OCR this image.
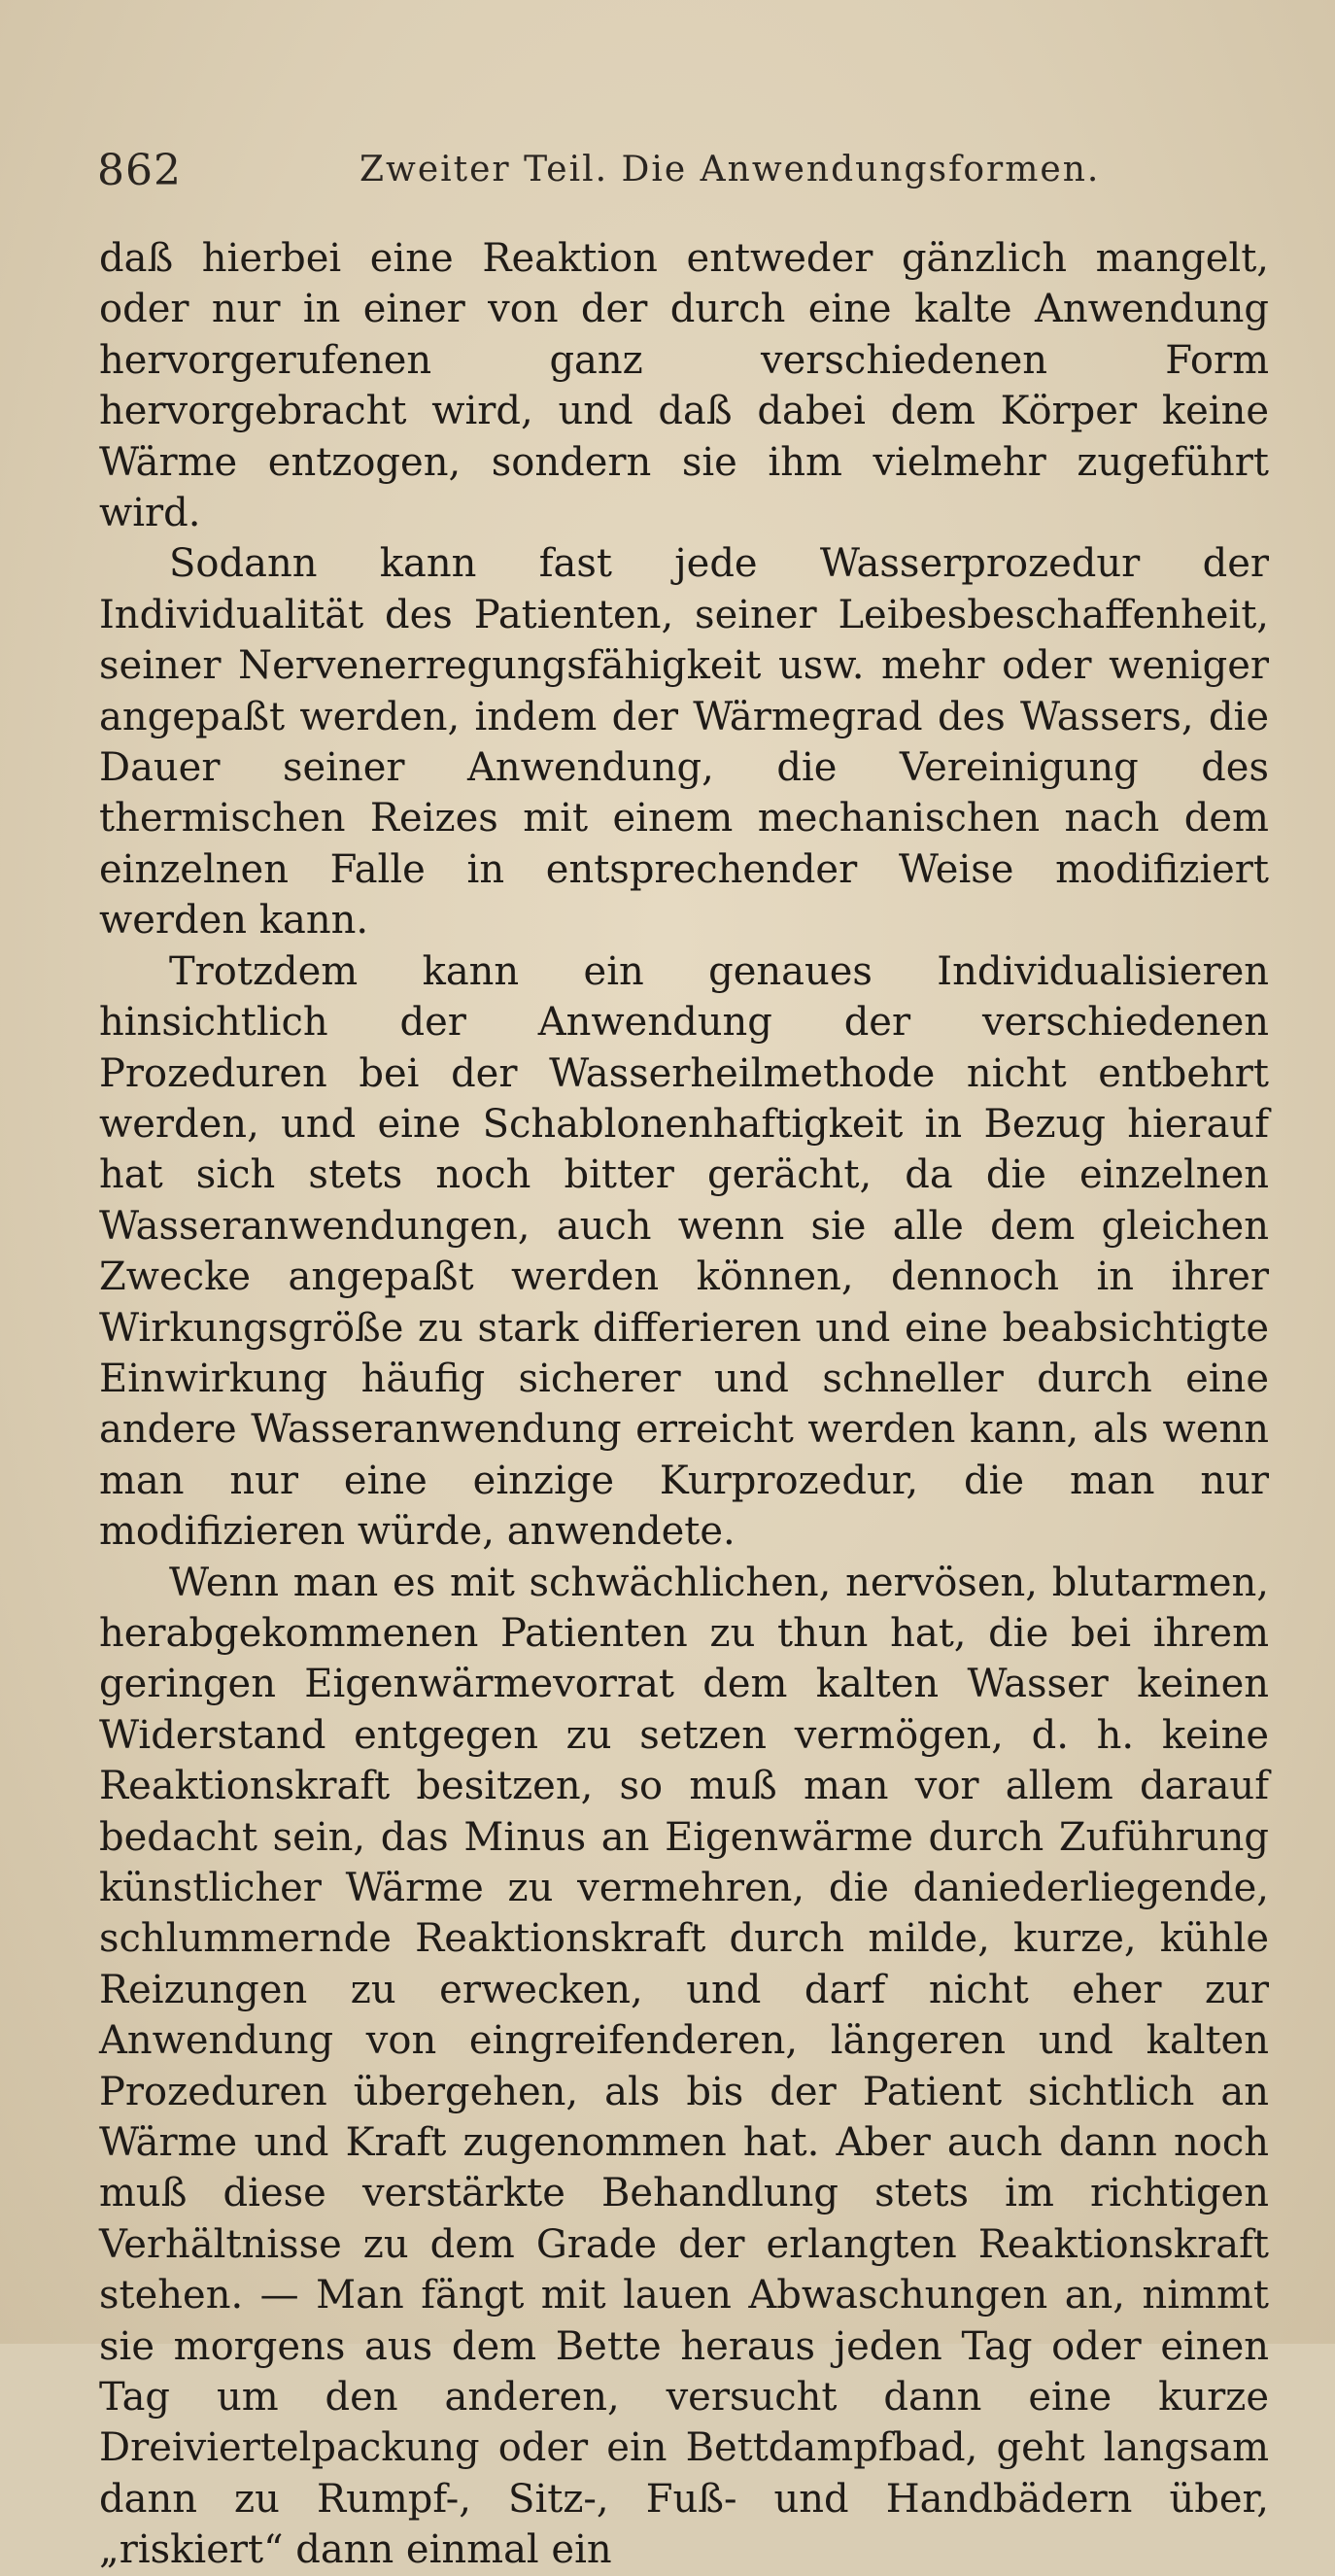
862	Zweiter Teil. Die Anwendungsformen.

daß hierbei eine Reaktion entweder gänzlich mangelt, oder nur in einer von der durch eine kalte Anwendung hervorgerufenen ganz verschiedenen Form hervorgebracht wird, und daß dabei dem Körper keine Wärme entzogen, sondern sie ihm vielmehr zugeführt wird.

Sodann kann fast jede Wasserprozedur der Individualität des Patienten, seiner Leibesbeschaffenheit, seiner Nervenerregungsfähigkeit usw. mehr oder weniger angepaßt werden, indem der Wärmegrad des Wassers, die Dauer seiner Anwendung, die Vereinigung des thermischen Reizes mit einem mechanischen nach dem einzelnen Falle in entsprechender Weise modifiziert werden kann.

Trotzdem kann ein genaues Individualisieren hinsichtlich der Anwendung der verschiedenen Prozeduren bei der Wasserheilmethode nicht entbehrt werden, und eine Schablonenhaftigkeit in Bezug hierauf hat sich stets noch bitter gerächt, da die einzelnen Wasseranwendungen, auch wenn sie alle dem gleichen Zwecke angepaßt werden können, dennoch in ihrer Wirkungsgröße zu stark differieren und eine beabsichtigte Einwirkung häufig sicherer und schneller durch eine andere Wasseranwendung erreicht werden kann, als wenn man nur eine einzige Kurprozedur, die man nur modifizieren würde, anwendete.

Wenn man es mit schwächlichen, nervösen, blutarmen, herabgekommenen Patienten zu thun hat, die bei ihrem geringen Eigenwärmevorrat dem kalten Wasser keinen Widerstand entgegen zu setzen vermögen, d. h. keine Reaktionskraft besitzen, so muß man vor allem darauf bedacht sein, das Minus an Eigenwärme durch Zuführung künstlicher Wärme zu vermehren, die daniederliegende, schlummernde Reaktionskraft durch milde, kurze, kühle Reizungen zu erwecken, und darf nicht eher zur Anwendung von eingreifenderen, längeren und kalten Prozeduren übergehen, als bis der Patient sichtlich an Wärme und Kraft zugenommen hat. Aber auch dann noch muß diese verstärkte Behandlung stets im richtigen Verhältnisse zu dem Grade der erlangten Reaktionskraft stehen. — Man fängt mit lauen Abwaschungen an, nimmt sie morgens aus dem Bette heraus jeden Tag oder einen Tag um den anderen, versucht dann eine kurze Dreiviertelpackung oder ein Bettdampfbad, geht langsam dann zu Rumpf-, Sitz-, Fuß- und Handbädern über, „riskiert“ dann einmal ein
